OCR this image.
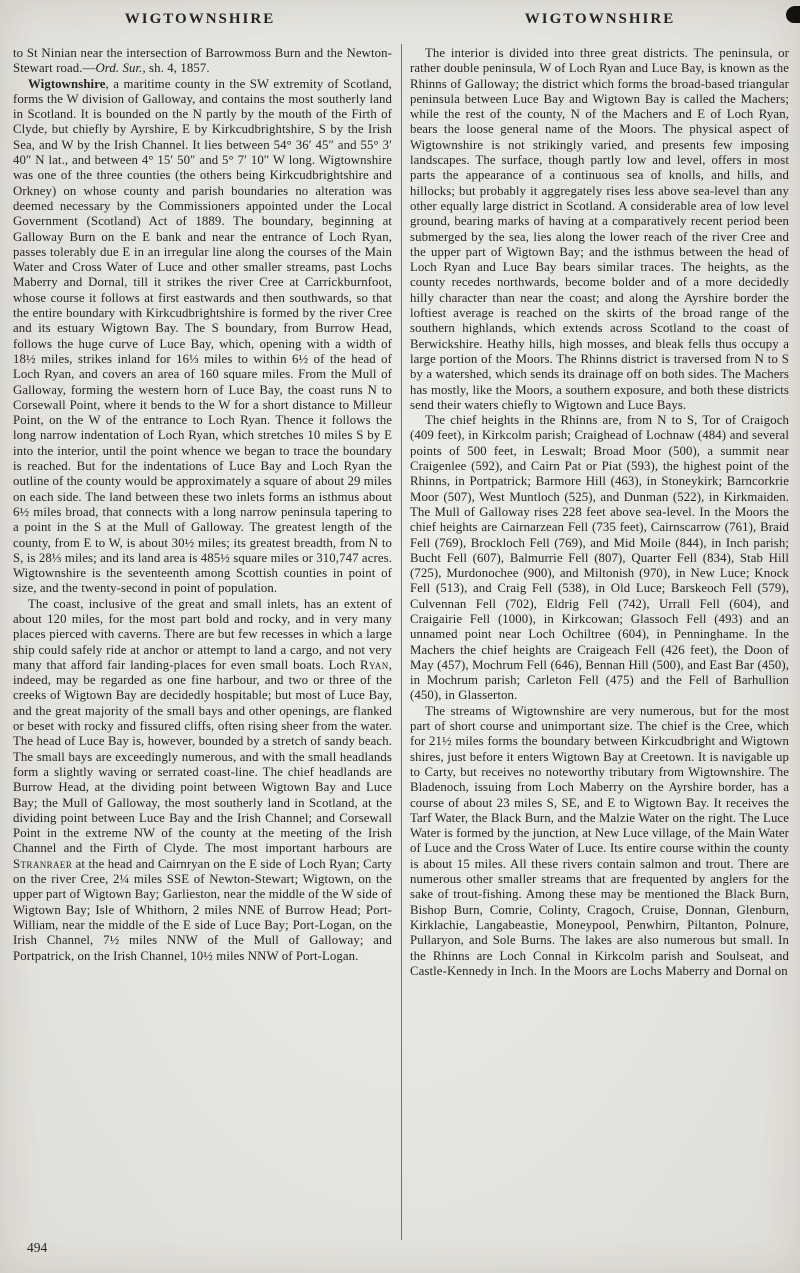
WIGTOWNSHIRE	WIGTOWNSHIRE

to St Ninian near the intersection of Barrowmoss Burn and the Newton-Stewart road.—Ord. Sur., sh. 4, 1857.

Wigtownshire, a maritime county in the SW extremity of Scotland, forms the W division of Galloway, and contains the most southerly land in Scotland. It is bounded on the N partly by the mouth of the Firth of Clyde, but chiefly by Ayrshire, E by Kirkcudbrightshire, S by the Irish Sea, and W by the Irish Channel. It lies between 54° 36′ 45″ and 55° 3′ 40″ N lat., and between 4° 15′ 50″ and 5° 7′ 10″ W long. Wigtownshire was one of the three counties (the others being Kirkcudbrightshire and Orkney) on whose county and parish boundaries no alteration was deemed necessary by the Commissioners appointed under the Local Government (Scotland) Act of 1889. The boundary, beginning at Galloway Burn on the E bank and near the entrance of Loch Ryan, passes tolerably due E in an irregular line along the courses of the Main Water and Cross Water of Luce and other smaller streams, past Lochs Maberry and Dornal, till it strikes the river Cree at Carrickburnfoot, whose course it follows at first eastwards and then southwards, so that the entire boundary with Kirkcudbrightshire is formed by the river Cree and its estuary Wigtown Bay. The S boundary, from Burrow Head, follows the huge curve of Luce Bay, which, opening with a width of 18½ miles, strikes inland for 16⅓ miles to within 6½ of the head of Loch Ryan, and covers an area of 160 square miles. From the Mull of Galloway, forming the western horn of Luce Bay, the coast runs N to Corsewall Point, where it bends to the W for a short distance to Milleur Point, on the W of the entrance to Loch Ryan. Thence it follows the long narrow indentation of Loch Ryan, which stretches 10 miles S by E into the interior, until the point whence we began to trace the boundary is reached. But for the indentations of Luce Bay and Loch Ryan the outline of the county would be approximately a square of about 29 miles on each side. The land between these two inlets forms an isthmus about 6½ miles broad, that connects with a long narrow peninsula tapering to a point in the S at the Mull of Galloway. The greatest length of the county, from E to W, is about 30½ miles; its greatest breadth, from N to S, is 28⅓ miles; and its land area is 485½ square miles or 310,747 acres. Wigtownshire is the seventeenth among Scottish counties in point of size, and the twenty-second in point of population.

The coast, inclusive of the great and small inlets, has an extent of about 120 miles, for the most part bold and rocky, and in very many places pierced with caverns. There are but few recesses in which a large ship could safely ride at anchor or attempt to land a cargo, and not very many that afford fair landing-places for even small boats. Loch Ryan, indeed, may be regarded as one fine harbour, and two or three of the creeks of Wigtown Bay are decidedly hospitable; but most of Luce Bay, and the great majority of the small bays and other openings, are flanked or beset with rocky and fissured cliffs, often rising sheer from the water. The head of Luce Bay is, however, bounded by a stretch of sandy beach. The small bays are exceedingly numerous, and with the small headlands form a slightly waving or serrated coast-line. The chief headlands are Burrow Head, at the dividing point between Wigtown Bay and Luce Bay; the Mull of Galloway, the most southerly land in Scotland, at the dividing point between Luce Bay and the Irish Channel; and Corsewall Point in the extreme NW of the county at the meeting of the Irish Channel and the Firth of Clyde. The most important harbours are Stranraer at the head and Cairnryan on the E side of Loch Ryan; Carty on the river Cree, 2¼ miles SSE of Newton-Stewart; Wigtown, on the upper part of Wigtown Bay; Garlieston, near the middle of the W side of Wigtown Bay; Isle of Whithorn, 2 miles NNE of Burrow Head; Port-William, near the middle of the E side of Luce Bay; Port-Logan, on the Irish Channel, 7½ miles NNW of the Mull of Galloway; and Portpatrick, on the Irish Channel, 10½ miles NNW of Port-Logan.

The interior is divided into three great districts. The peninsula, or rather double peninsula, W of Loch Ryan and Luce Bay, is known as the Rhinns of Galloway; the district which forms the broad-based triangular peninsula between Luce Bay and Wigtown Bay is called the Machers; while the rest of the county, N of the Machers and E of Loch Ryan, bears the loose general name of the Moors. The physical aspect of Wigtownshire is not strikingly varied, and presents few imposing landscapes. The surface, though partly low and level, offers in most parts the appearance of a continuous sea of knolls, and hills, and hillocks; but probably it aggregately rises less above sea-level than any other equally large district in Scotland. A considerable area of low level ground, bearing marks of having at a comparatively recent period been submerged by the sea, lies along the lower reach of the river Cree and the upper part of Wigtown Bay; and the isthmus between the head of Loch Ryan and Luce Bay bears similar traces. The heights, as the county recedes northwards, become bolder and of a more decidedly hilly character than near the coast; and along the Ayrshire border the loftiest average is reached on the skirts of the broad range of the southern highlands, which extends across Scotland to the coast of Berwickshire. Heathy hills, high mosses, and bleak fells thus occupy a large portion of the Moors. The Rhinns district is traversed from N to S by a watershed, which sends its drainage off on both sides. The Machers has mostly, like the Moors, a southern exposure, and both these districts send their waters chiefly to Wigtown and Luce Bays.

The chief heights in the Rhinns are, from N to S, Tor of Craigoch (409 feet), in Kirkcolm parish; Craighead of Lochnaw (484) and several points of 500 feet, in Leswalt; Broad Moor (500), a summit near Craigenlee (592), and Cairn Pat or Piat (593), the highest point of the Rhinns, in Portpatrick; Barmore Hill (463), in Stoneykirk; Barncorkrie Moor (507), West Muntloch (525), and Dunman (522), in Kirkmaiden. The Mull of Galloway rises 228 feet above sea-level. In the Moors the chief heights are Cairnarzean Fell (735 feet), Cairnscarrow (761), Braid Fell (769), Brockloch Fell (769), and Mid Moile (844), in Inch parish; Bucht Fell (607), Balmurrie Fell (807), Quarter Fell (834), Stab Hill (725), Murdonochee (900), and Miltonish (970), in New Luce; Knock Fell (513), and Craig Fell (538), in Old Luce; Barskeoch Fell (579), Culvennan Fell (702), Eldrig Fell (742), Urrall Fell (604), and Craigairie Fell (1000), in Kirkcowan; Glassoch Fell (493) and an unnamed point near Loch Ochiltree (604), in Penninghame. In the Machers the chief heights are Craigeach Fell (426 feet), the Doon of May (457), Mochrum Fell (646), Bennan Hill (500), and East Bar (450), in Mochrum parish; Carleton Fell (475) and the Fell of Barhullion (450), in Glasserton.

The streams of Wigtownshire are very numerous, but for the most part of short course and unimportant size. The chief is the Cree, which for 21½ miles forms the boundary between Kirkcudbright and Wigtown shires, just before it enters Wigtown Bay at Creetown. It is navigable up to Carty, but receives no noteworthy tributary from Wigtownshire. The Bladenoch, issuing from Loch Maberry on the Ayrshire border, has a course of about 23 miles S, SE, and E to Wigtown Bay. It receives the Tarf Water, the Black Burn, and the Malzie Water on the right. The Luce Water is formed by the junction, at New Luce village, of the Main Water of Luce and the Cross Water of Luce. Its entire course within the county is about 15 miles. All these rivers contain salmon and trout. There are numerous other smaller streams that are frequented by anglers for the sake of trout-fishing. Among these may be mentioned the Black Burn, Bishop Burn, Comrie, Colinty, Cragoch, Cruise, Donnan, Glenburn, Kirklachie, Langabeastie, Moneypool, Penwhirn, Piltanton, Polnure, Pullaryon, and Sole Burns. The lakes are also numerous but small. In the Rhinns are Loch Connal in Kirkcolm parish and Soulseat, and Castle-Kennedy in Inch. In the Moors are Lochs Maberry and Dornal on

494
